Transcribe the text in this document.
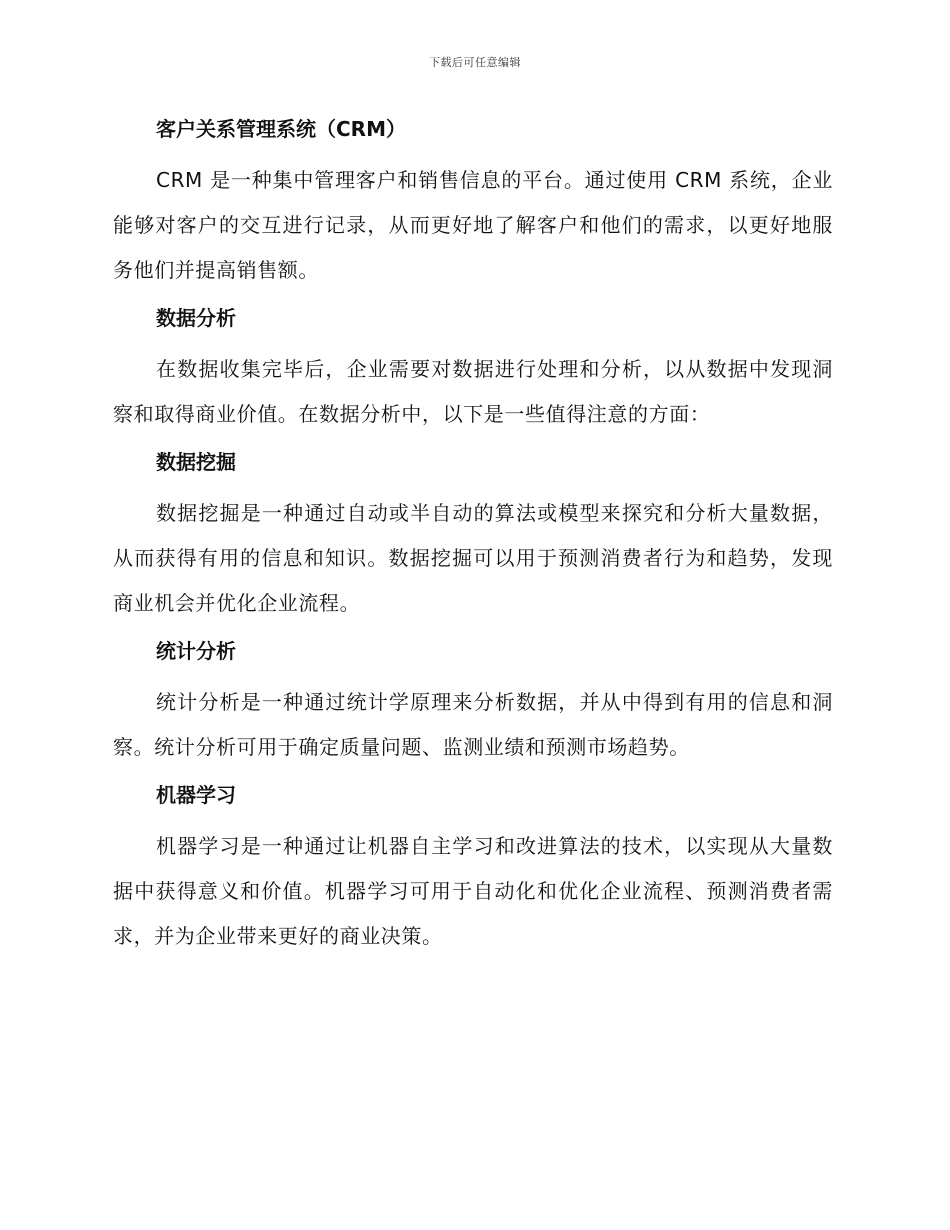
下载后可任意编辑
客户关系管理系统（CRM）
CRM 是一种集中管理客户和销售信息的平台。通过使用 CRM 系统，企业能够对客户的交互进行记录，从而更好地了解客户和他们的需求，以更好地服务他们并提高销售额。
数据分析
在数据收集完毕后，企业需要对数据进行处理和分析，以从数据中发现洞察和取得商业价值。在数据分析中，以下是一些值得注意的方面：
数据挖掘
数据挖掘是一种通过自动或半自动的算法或模型来探究和分析大量数据，从而获得有用的信息和知识。数据挖掘可以用于预测消费者行为和趋势，发现商业机会并优化企业流程。
统计分析
统计分析是一种通过统计学原理来分析数据，并从中得到有用的信息和洞察。统计分析可用于确定质量问题、监测业绩和预测市场趋势。
机器学习
机器学习是一种通过让机器自主学习和改进算法的技术，以实现从大量数据中获得意义和价值。机器学习可用于自动化和优化企业流程、预测消费者需求，并为企业带来更好的商业决策。
